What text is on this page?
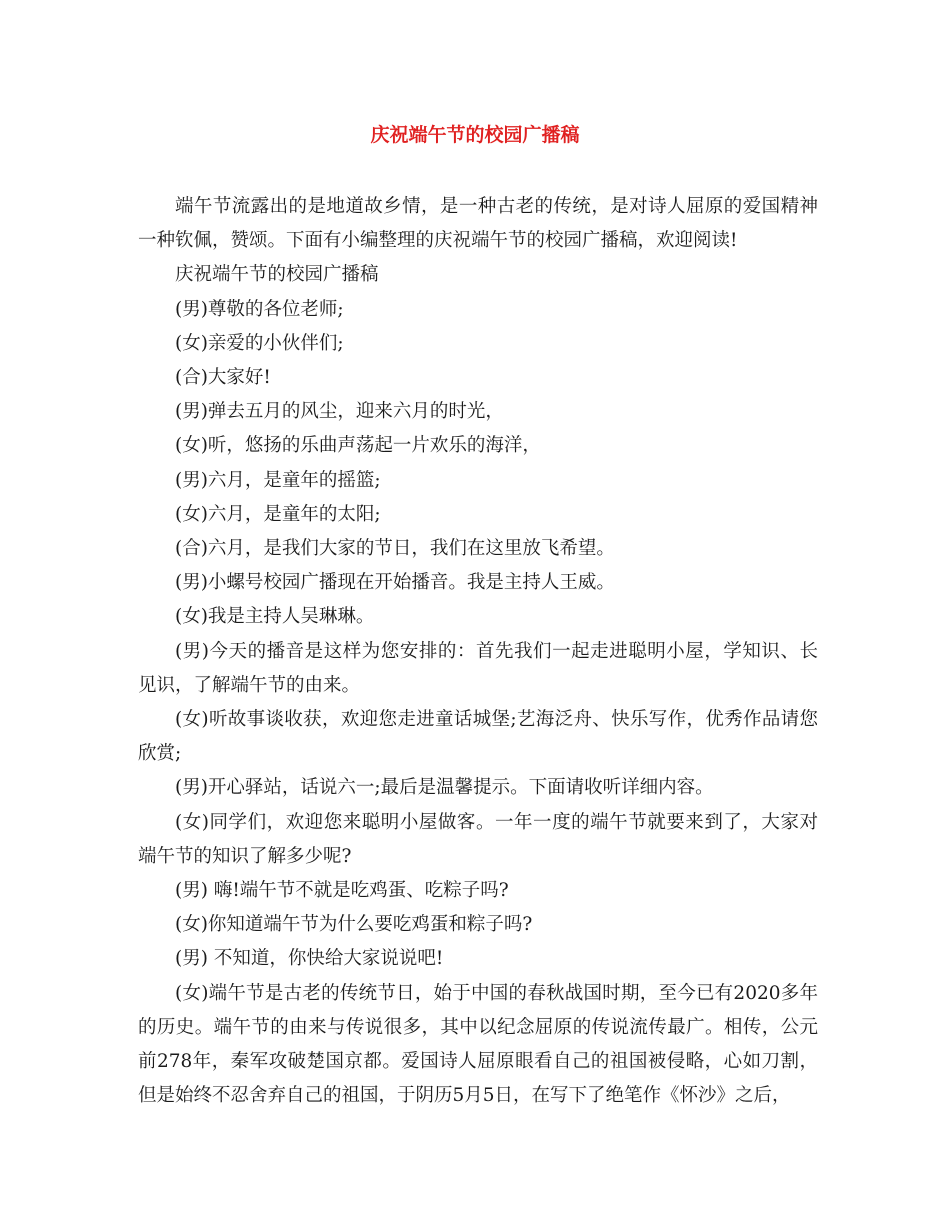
庆祝端午节的校园广播稿

端午节流露出的是地道故乡情，是一种古老的传统，是对诗人屈原的爱国精神一种钦佩，赞颂。下面有小编整理的庆祝端午节的校园广播稿，欢迎阅读!

庆祝端午节的校园广播稿

(男)尊敬的各位老师;

(女)亲爱的小伙伴们;

(合)大家好!

(男)弹去五月的风尘，迎来六月的时光，

(女)听，悠扬的乐曲声荡起一片欢乐的海洋，

(男)六月，是童年的摇篮;

(女)六月，是童年的太阳;

(合)六月，是我们大家的节日，我们在这里放飞希望。

(男)小螺号校园广播现在开始播音。我是主持人王威。

(女)我是主持人吴琳琳。

(男)今天的播音是这样为您安排的：首先我们一起走进聪明小屋，学知识、长见识，了解端午节的由来。

(女)听故事谈收获，欢迎您走进童话城堡;艺海泛舟、快乐写作，优秀作品请您欣赏;

(男)开心驿站，话说六一;最后是温馨提示。下面请收听详细内容。

(女)同学们，欢迎您来聪明小屋做客。一年一度的端午节就要来到了，大家对端午节的知识了解多少呢?

(男) 嗨!端午节不就是吃鸡蛋、吃粽子吗?

(女)你知道端午节为什么要吃鸡蛋和粽子吗?

(男) 不知道，你快给大家说说吧!

(女)端午节是古老的传统节日，始于中国的春秋战国时期，至今已有2020多年的历史。端午节的由来与传说很多，其中以纪念屈原的传说流传最广。相传，公元前278年，秦军攻破楚国京都。爱国诗人屈原眼看自己的祖国被侵略，心如刀割，但是始终不忍舍弃自己的祖国，于阴历5月5日，在写下了绝笔作《怀沙》之后，
